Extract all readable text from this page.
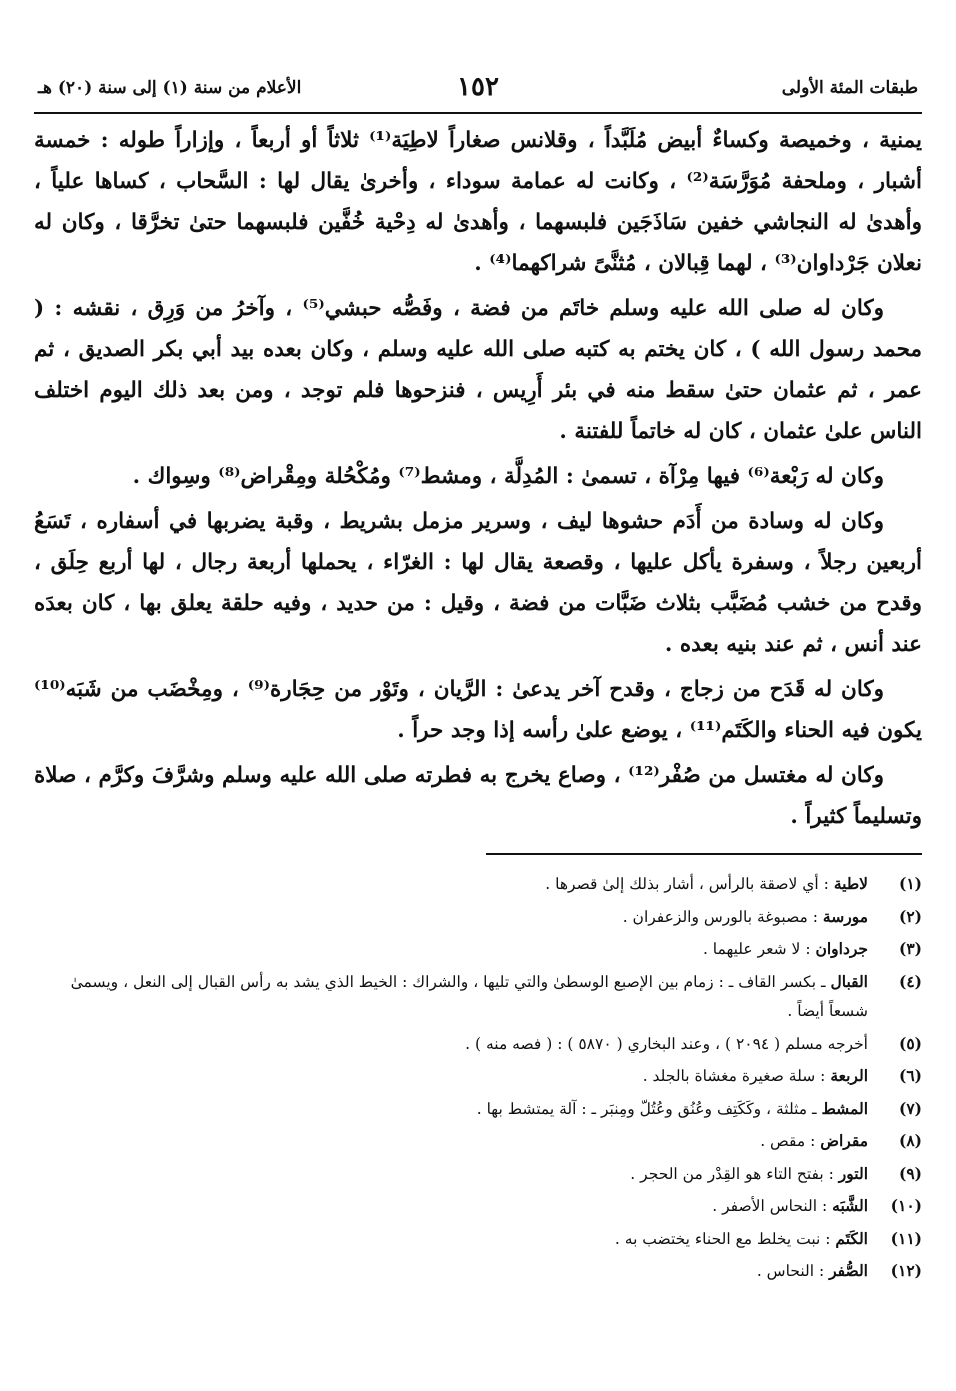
طبقات المئة الأولى
١٥٢
الأعلام من سنة (١) إلى سنة (٢٠) هـ

يمنية ، وخميصة وكساءٌ أبيض مُلَبَّداً ، وقلانس صغاراً لاطِيَة⁽¹⁾ ثلاثاً أو أربعاً ، وإزاراً طوله : خمسة أشبار ، وملحفة مُوَرَّسَة⁽²⁾ ، وكانت له عمامة سوداء ، وأخرىٰ يقال لها : السَّحاب ، كساها علياً ، وأهدىٰ له النجاشي خفين سَاذَجَين فلبسهما ، وأهدىٰ له دِحْية خُفَّين فلبسهما حتىٰ تخرَّقا ، وكان له نعلان جَرْداوان⁽³⁾ ، لهما قِبالان ، مُثنَّىً شراكهما⁽⁴⁾ .

وكان له صلى الله عليه وسلم خاتَم من فضة ، وفَصُّه حبشي⁽⁵⁾ ، وآخرُ من وَرِق ، نقشه : ( محمد رسول الله ) ، كان يختم به كتبه صلى الله عليه وسلم ، وكان بعده بيد أبي بكر الصديق ، ثم عمر ، ثم عثمان حتىٰ سقط منه في بئر أَرِيس ، فنزحوها فلم توجد ، ومن بعد ذلك اليوم اختلف الناس علىٰ عثمان ، كان له خاتماً للفتنة .

وكان له رَبْعة⁽⁶⁾ فيها مِرْآة ، تسمىٰ : المُدِلَّة ، ومشط⁽⁷⁾ ومُكْحُلة ومِقْراض⁽⁸⁾ وسِواك .

وكان له وسادة من أَدَم حشوها ليف ، وسرير مزمل بشريط ، وقبة يضربها في أسفاره ، تَسَعُ أربعين رجلاً ، وسفرة يأكل عليها ، وقصعة يقال لها : الغرّاء ، يحملها أربعة رجال ، لها أربع حِلَق ، وقدح من خشب مُضَبَّب بثلاث ضَبَّات من فضة ، وقيل : من حديد ، وفيه حلقة يعلق بها ، كان بعدَه عند أنس ، ثم عند بنيه بعده .

وكان له قَدَح من زجاج ، وقدح آخر يدعىٰ : الرَّيان ، وتَوْر من حِجَارة⁽⁹⁾ ، ومِخْضَب من شَبَه⁽¹⁰⁾ يكون فيه الحناء والكَتَم⁽¹¹⁾ ، يوضع علىٰ رأسه إذا وجد حراً .

وكان له مغتسل من صُفْر⁽¹²⁾ ، وصاع يخرج به فطرته صلى الله عليه وسلم وشرَّفَ وكرَّم ، صلاة وتسليماً كثيراً .

(١)
لاطية : أي لاصقة بالرأس ، أشار بذلك إلىٰ قصرها .
(٢)
مورسة : مصبوغة بالورس والزعفران .
(٣)
جرداوان : لا شعر عليهما .
(٤)
القبال ـ بكسر القاف ـ : زمام بين الإصبع الوسطىٰ والتي تليها ، والشراك : الخيط الذي يشد به رأس القبال إلى النعل ، ويسمىٰ شسعاً أيضاً .
(٥)
أخرجه مسلم ( ٢٠٩٤ ) ، وعند البخاري ( ٥٨٧٠ ) : ( فصه منه ) .
(٦)
الربعة : سلة صغيرة مغشاة بالجلد .
(٧)
المشط ـ مثلثة ، وكَكَتِف وعُنُق وعُتُلّ ومِنبَر ـ : آلة يمتشط بها .
(٨)
مقراض : مقص .
(٩)
التور : بفتح التاء هو القِدْر من الحجر .
(١٠)
الشَّبَه : النحاس الأصفر .
(١١)
الكَتَم : نبت يخلط مع الحناء يختضب به .
(١٢)
الصُّفر : النحاس .
